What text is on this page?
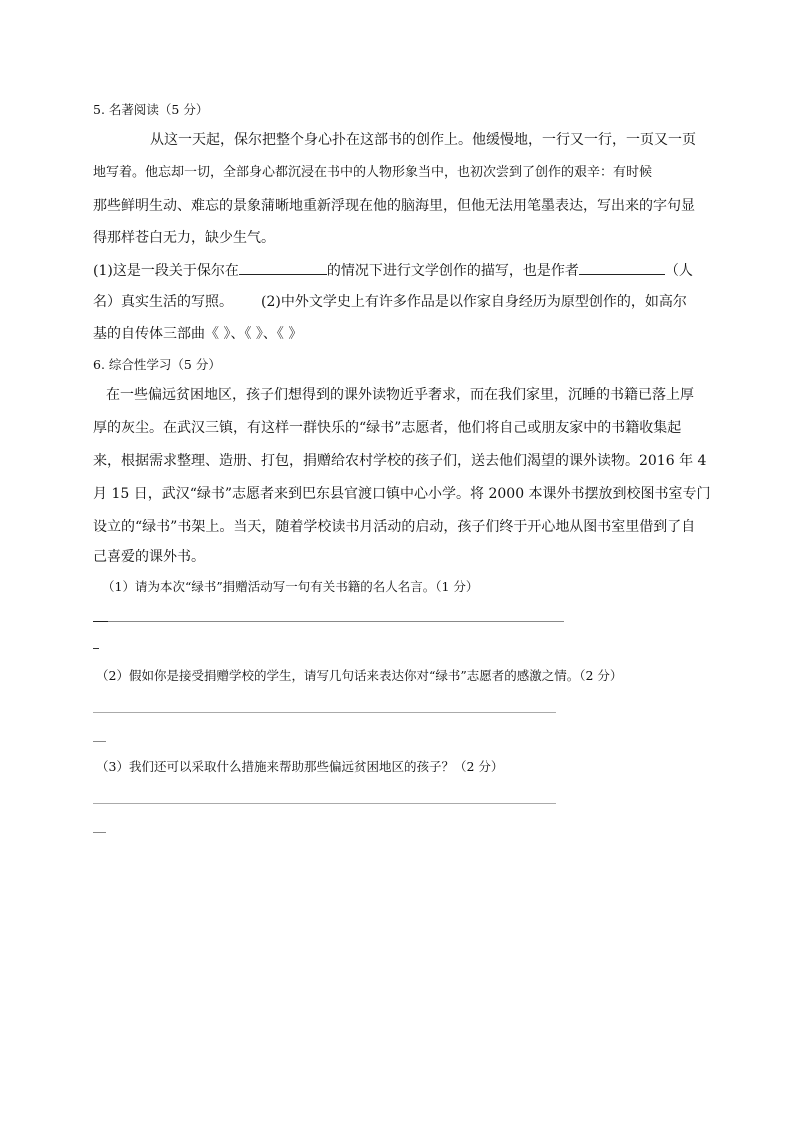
5. 名著阅读（5 分）
从这一天起，保尔把整个身心扑在这部书的创作上。他缓慢地，一行又一行，一页又一页
地写着。他忘却一切，全部身心都沉浸在书中的人物形象当中，也初次尝到了创作的艰辛：有时候
那些鲜明生动、难忘的景象蒲晰地重新浮现在他的脑海里，但他无法用笔墨表达，写出来的字句显
得那样苍白无力，缺少生气。
(1)这是一段关于保尔在	的情况下进行文学创作的描写，也是作者	（人
名）真实生活的写照。 (2)中外文学史上有许多作品是以作家自身经历为原型创作的，如高尔
基的自传体三部曲《 》、《 》、《 》
6. 综合性学习（5 分）
在一些偏远贫困地区，孩子们想得到的课外读物近乎奢求，而在我们家里，沉睡的书籍已落上厚
厚的灰尘。在武汉三镇，有这样一群快乐的“绿书”志愿者，他们将自己或朋友家中的书籍收集起
来，根据需求整理、造册、打包，捐赠给农村学校的孩子们，送去他们渴望的课外读物。2016 年 4
月 15 日，武汉“绿书”志愿者来到巴东县官渡口镇中心小学。将 2000 本课外书摆放到校图书室专门
设立的“绿书”书架上。当天，随着学校读书月活动的启动，孩子们终于开心地从图书室里借到了自
己喜爱的课外书。
（1）请为本次“绿书”捐赠活动写一句有关书籍的名人名言。（1 分）
（2）假如你是接受捐赠学校的学生，请写几句话来表达你对“绿书”志愿者的感激之情。（2 分）
（3）我们还可以采取什么措施来帮助那些偏远贫困地区的孩子？（2 分）
